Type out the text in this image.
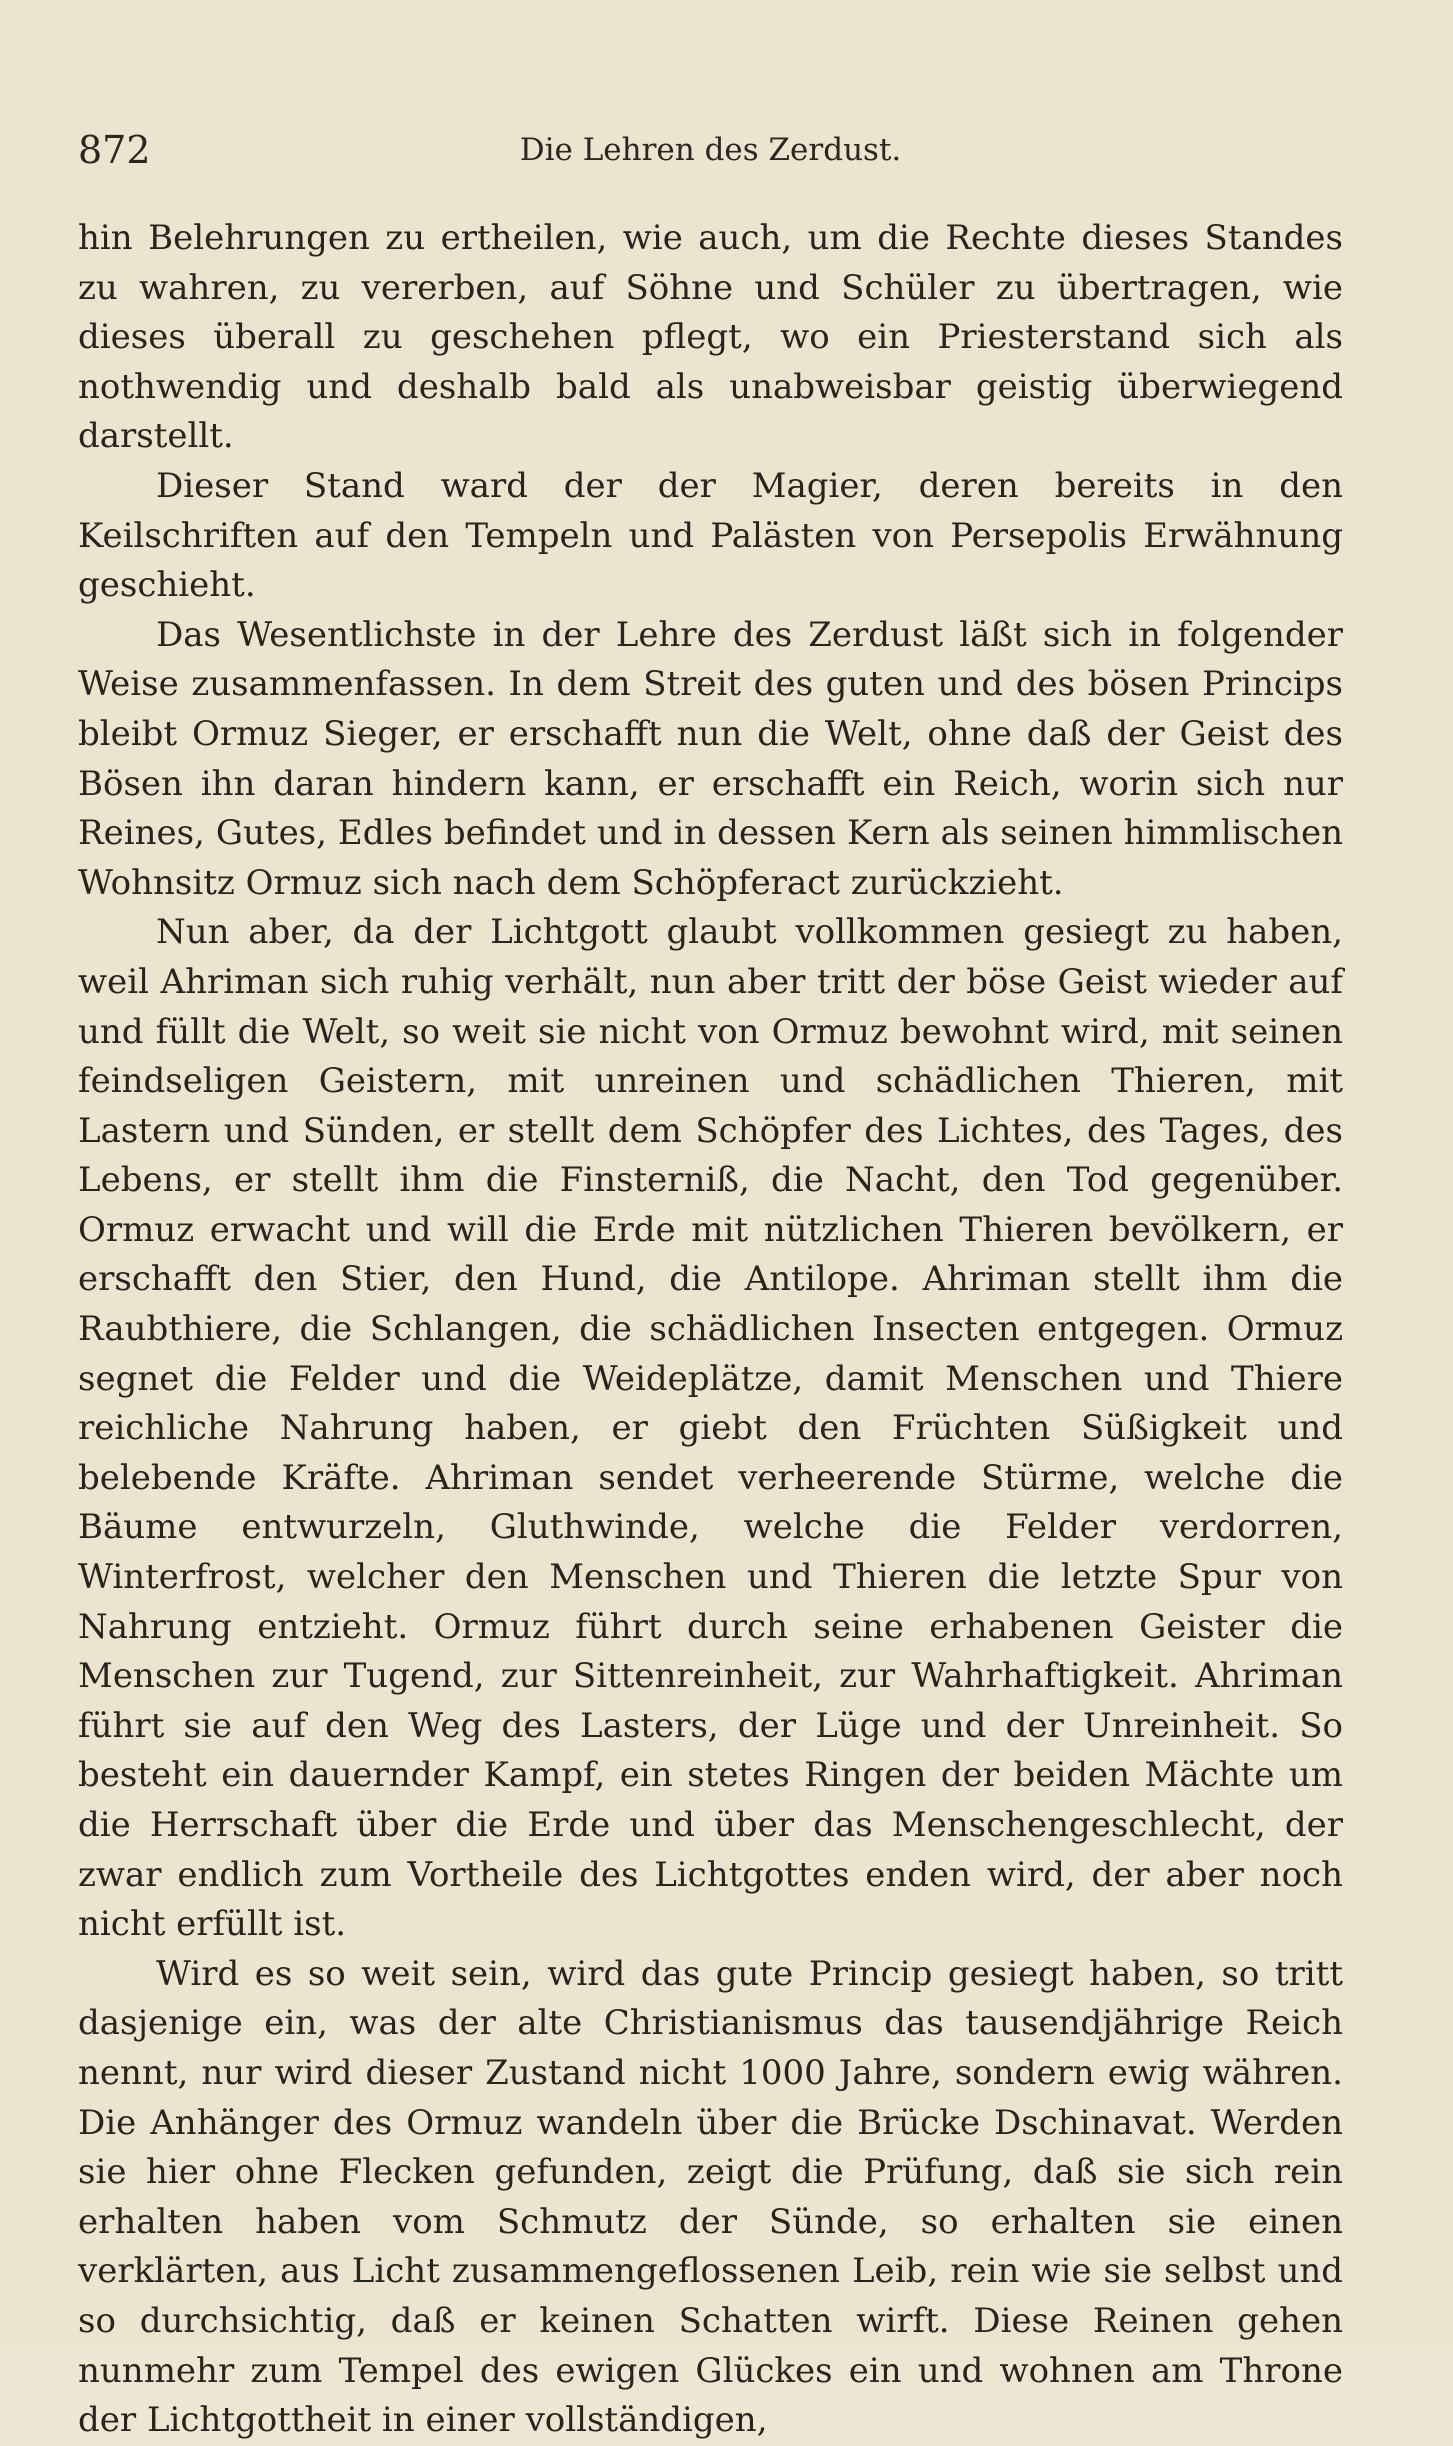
872	Die Lehren des Zerdust.

hin Belehrungen zu ertheilen, wie auch, um die Rechte dieses Standes zu wahren, zu vererben, auf Söhne und Schüler zu übertragen, wie dieses überall zu geschehen pflegt, wo ein Priesterstand sich als nothwendig und deshalb bald als unabweisbar geistig überwiegend darstellt.

Dieser Stand ward der der Magier, deren bereits in den Keilschriften auf den Tempeln und Palästen von Persepolis Erwähnung geschieht.

Das Wesentlichste in der Lehre des Zerdust läßt sich in folgender Weise zusammenfassen. In dem Streit des guten und des bösen Princips bleibt Ormuz Sieger, er erschafft nun die Welt, ohne daß der Geist des Bösen ihn daran hindern kann, er erschafft ein Reich, worin sich nur Reines, Gutes, Edles befindet und in dessen Kern als seinen himmlischen Wohnsitz Ormuz sich nach dem Schöpferact zurückzieht.

Nun aber, da der Lichtgott glaubt vollkommen gesiegt zu haben, weil Ahriman sich ruhig verhält, nun aber tritt der böse Geist wieder auf und füllt die Welt, so weit sie nicht von Ormuz bewohnt wird, mit seinen feindseligen Geistern, mit unreinen und schädlichen Thieren, mit Lastern und Sünden, er stellt dem Schöpfer des Lichtes, des Tages, des Lebens, er stellt ihm die Finsterniß, die Nacht, den Tod gegenüber. Ormuz erwacht und will die Erde mit nützlichen Thieren bevölkern, er erschafft den Stier, den Hund, die Antilope. Ahriman stellt ihm die Raubthiere, die Schlangen, die schädlichen Insecten entgegen. Ormuz segnet die Felder und die Weideplätze, damit Menschen und Thiere reichliche Nahrung haben, er giebt den Früchten Süßigkeit und belebende Kräfte. Ahriman sendet verheerende Stürme, welche die Bäume entwurzeln, Gluthwinde, welche die Felder verdorren, Winterfrost, welcher den Menschen und Thieren die letzte Spur von Nahrung entzieht. Ormuz führt durch seine erhabenen Geister die Menschen zur Tugend, zur Sittenreinheit, zur Wahrhaftigkeit. Ahriman führt sie auf den Weg des Lasters, der Lüge und der Unreinheit. So besteht ein dauernder Kampf, ein stetes Ringen der beiden Mächte um die Herrschaft über die Erde und über das Menschengeschlecht, der zwar endlich zum Vortheile des Lichtgottes enden wird, der aber noch nicht erfüllt ist.

Wird es so weit sein, wird das gute Princip gesiegt haben, so tritt dasjenige ein, was der alte Christianismus das tausendjährige Reich nennt, nur wird dieser Zustand nicht 1000 Jahre, sondern ewig währen. Die Anhänger des Ormuz wandeln über die Brücke Dschinavat. Werden sie hier ohne Flecken gefunden, zeigt die Prüfung, daß sie sich rein erhalten haben vom Schmutz der Sünde, so erhalten sie einen verklärten, aus Licht zusammengeflossenen Leib, rein wie sie selbst und so durchsichtig, daß er keinen Schatten wirft. Diese Reinen gehen nunmehr zum Tempel des ewigen Glückes ein und wohnen am Throne der Lichtgottheit in einer vollständigen,
